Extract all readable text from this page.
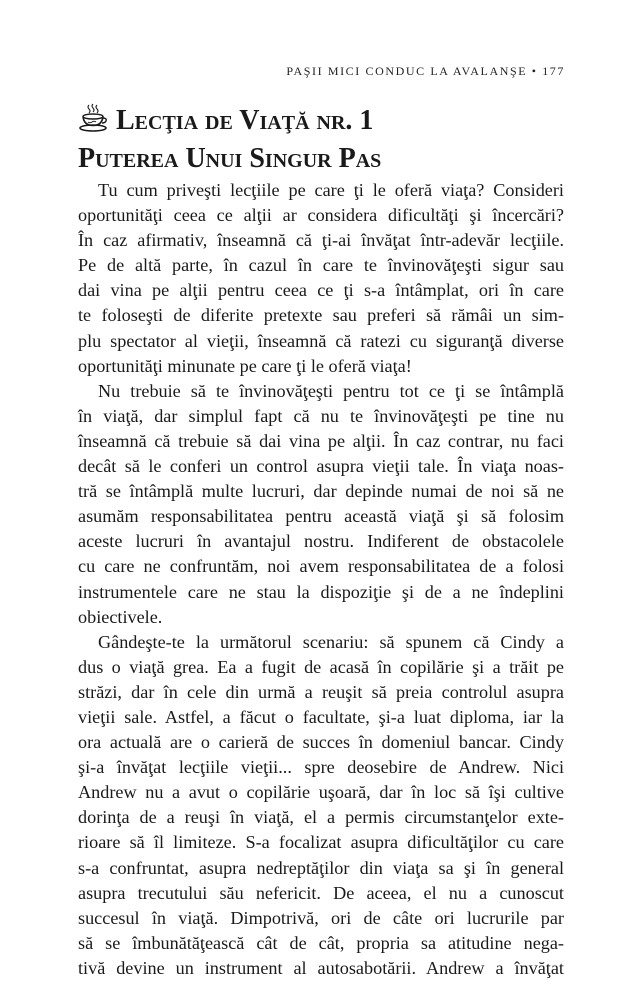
PAŞII MICI CONDUC LA AVALANŞE • 177
Lecţia de Viaţă nr. 1
Puterea Unui Singur Pas
Tu cum priveşti lecţiile pe care ţi le oferă viaţa? Consideri
oportunităţi ceea ce alţii ar considera dificultăţi şi încercări?
În caz afirmativ, înseamnă că ţi-ai învăţat într-adevăr lecţiile.
Pe de altă parte, în cazul în care te învinovăţeşti sigur sau
dai vina pe alţii pentru ceea ce ţi s-a întâmplat, ori în care
te foloseşti de diferite pretexte sau preferi să rămâi un sim-
plu spectator al vieţii, înseamnă că ratezi cu siguranţă diverse
oportunităţi minunate pe care ţi le oferă viaţa!
Nu trebuie să te învinovăţeşti pentru tot ce ţi se întâmplă
în viaţă, dar simplul fapt că nu te învinovăţeşti pe tine nu
înseamnă că trebuie să dai vina pe alţii. În caz contrar, nu faci
decât să le conferi un control asupra vieţii tale. În viaţa noas-
tră se întâmplă multe lucruri, dar depinde numai de noi să ne
asumăm responsabilitatea pentru această viaţă şi să folosim
aceste lucruri în avantajul nostru. Indiferent de obstacolele
cu care ne confruntăm, noi avem responsabilitatea de a folosi
instrumentele care ne stau la dispoziţie şi de a ne îndeplini
obiectivele.
Gândeşte-te la următorul scenariu: să spunem că Cindy a
dus o viaţă grea. Ea a fugit de acasă în copilărie şi a trăit pe
străzi, dar în cele din urmă a reuşit să preia controlul asupra
vieţii sale. Astfel, a făcut o facultate, şi-a luat diploma, iar la
ora actuală are o carieră de succes în domeniul bancar. Cindy
şi-a învăţat lecţiile vieţii... spre deosebire de Andrew. Nici
Andrew nu a avut o copilărie uşoară, dar în loc să îşi cultive
dorinţa de a reuşi în viaţă, el a permis circumstanţelor exte-
rioare să îl limiteze. S-a focalizat asupra dificultăţilor cu care
s-a confruntat, asupra nedreptăţilor din viaţa sa şi în general
asupra trecutului său nefericit. De aceea, el nu a cunoscut
succesul în viaţă. Dimpotrivă, ori de câte ori lucrurile par
să se îmbunătăţească cât de cât, propria sa atitudine nega-
tivă devine un instrument al autosabotării. Andrew a învăţat
